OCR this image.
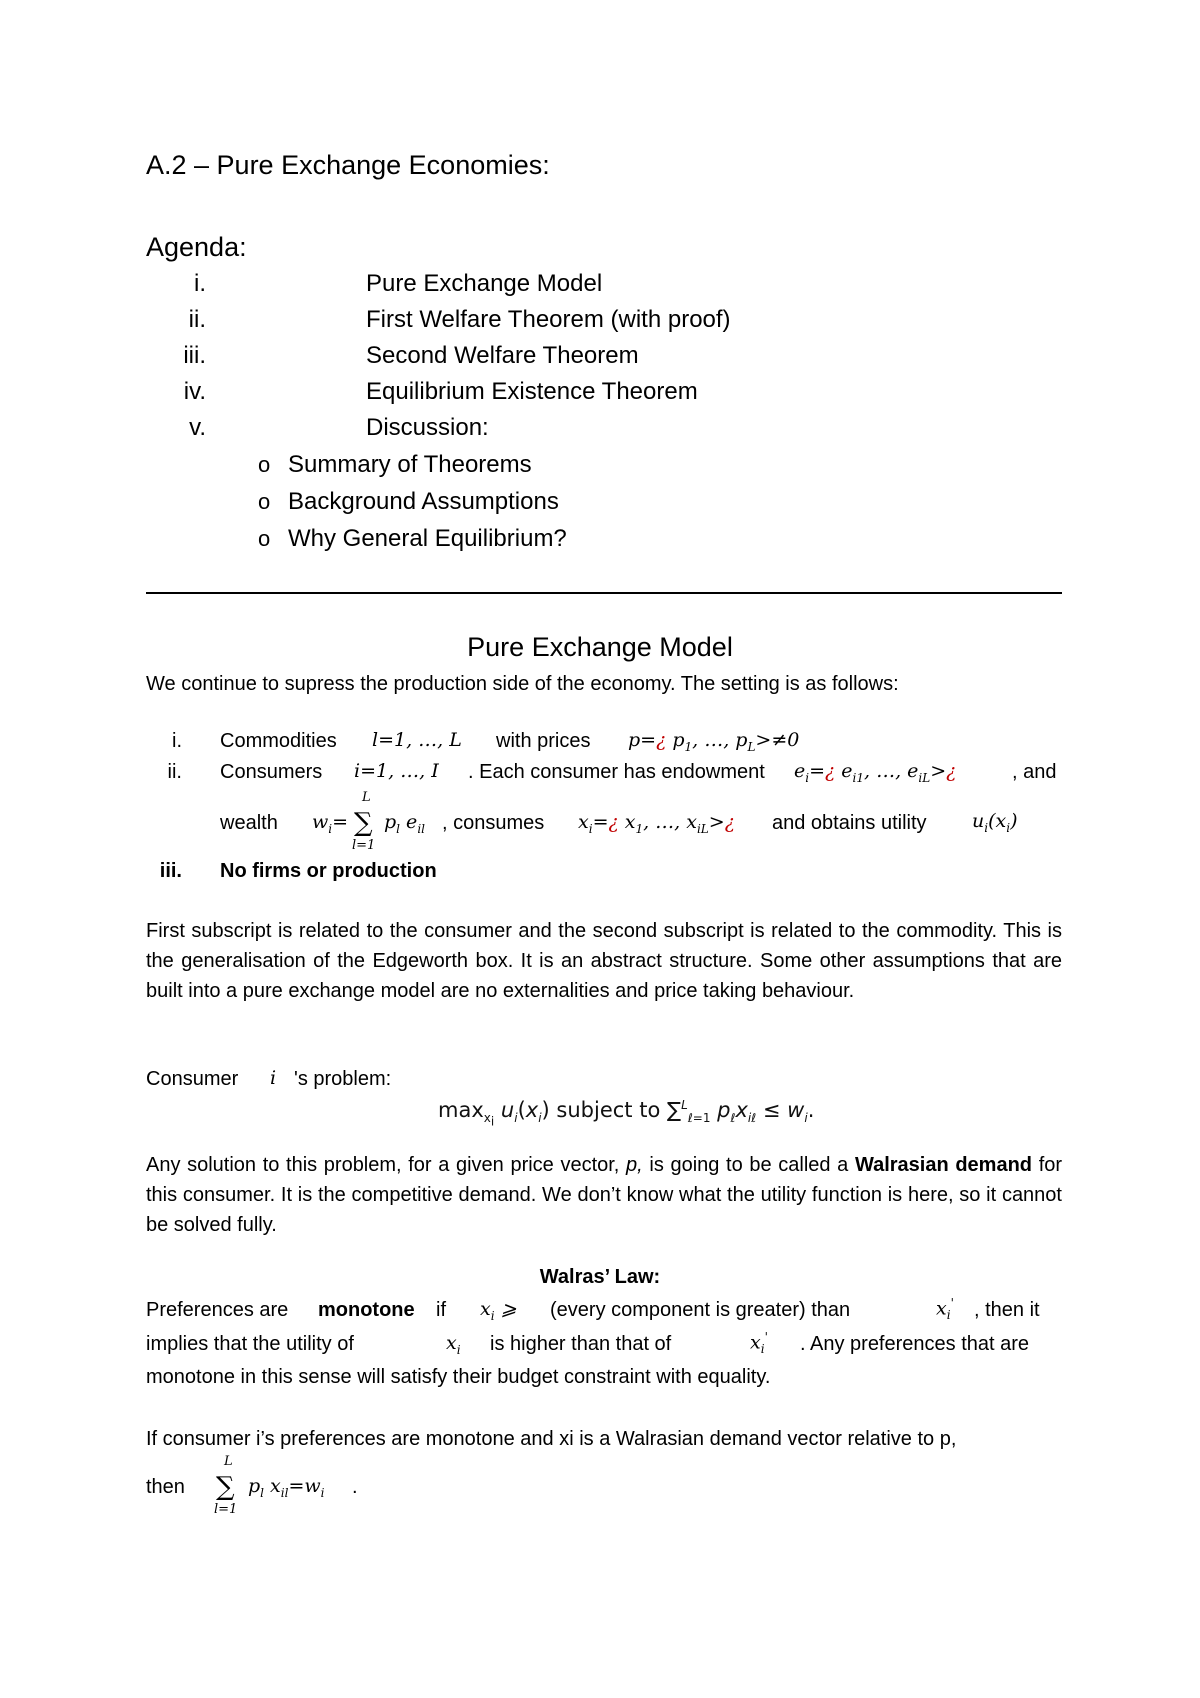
A.2 – Pure Exchange Economies:
Agenda:
i.	Pure Exchange Model
ii.	First Welfare Theorem (with proof)
iii.	Second Welfare Theorem
iv.	Equilibrium Existence Theorem
v.	Discussion:
o Summary of Theorems
o Background Assumptions
o Why General Equilibrium?
Pure Exchange Model
We continue to supress the production side of the economy. The setting is as follows:
i. Commodities l=1, …, L with prices p=¿ $p_1$, …, $p_L>\ne 0$
ii. Consumers i=1, …, I . Each consumer has endowment $e_i=¿$ $e_{i1}$, …, $e_{iL}>¿$	, and
wealth $w_i=$
L
∑
l=1
$p_l$ $e_{il}$ , consumes $x_i=¿$ $x_1$, …, $x_{iL}>¿$ and obtains utility $u_i(x_i)$
iii. No firms or production
First subscript is related to the consumer and the second subscript is related to the commodity. This is the generalisation of the Edgeworth box. It is an abstract structure. Some other assumptions that are built into a pure exchange model are no externalities and price taking behaviour.
Consumer i 's problem:
$\max_{x_i} u_i(x_i)$ subject to ∑$^L_{\ell=1}$ $p_\ell x_{i\ell} \le w_i$.
Any solution to this problem, for a given price vector, p, is going to be called a Walrasian demand for this consumer. It is the competitive demand. We don’t know what the utility function is here, so it cannot be solved fully.
Walras’ Law:
Preferences are monotone if $x_i$ ⩾ (every component is greater) than	$x_i'$ , then it
implies that the utility of	$x_i$ is higher than that of	$x_i'$ . Any preferences that are
monotone in this sense will satisfy their budget constraint with equality.
If consumer i’s preferences are monotone and xi is a Walrasian demand vector relative to p,
then
L
∑
l=1
$p_l$ $x_{il}=w_i$ .
